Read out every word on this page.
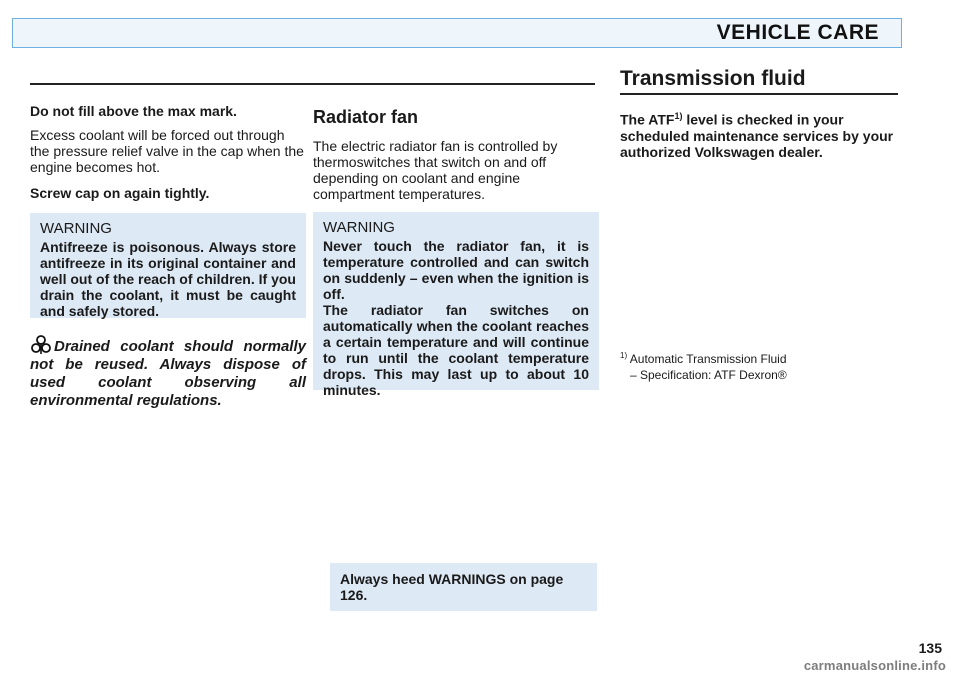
VEHICLE CARE
Do not fill above the max mark.
Excess coolant will be forced out through the pressure relief valve in the cap when the engine becomes hot.
Screw cap on again tightly.
WARNING
Antifreeze is poisonous. Always store antifreeze in its original container and well out of the reach of children. If you drain the coolant, it must be caught and safely stored.
Drained coolant should normally not be reused. Always dispose of used coolant observing all environmental regulations.
Radiator fan
The electric radiator fan is controlled by thermoswitches that switch on and off depending on coolant and engine compartment temperatures.
WARNING
Never touch the radiator fan, it is temperature controlled and can switch on suddenly – even when the ignition is off.
The radiator fan switches on automatically when the coolant reaches a certain temperature and will continue to run until the coolant temperature drops. This may last up to about 10 minutes.
Always heed WARNINGS on page 126.
Transmission fluid
The ATF$^{1)}$ level is checked in your scheduled maintenance services by your authorized Volkswagen dealer.
$^{1)}$ Automatic Transmission Fluid
– Specification: ATF Dexron®
135
carmanualsonline.info
